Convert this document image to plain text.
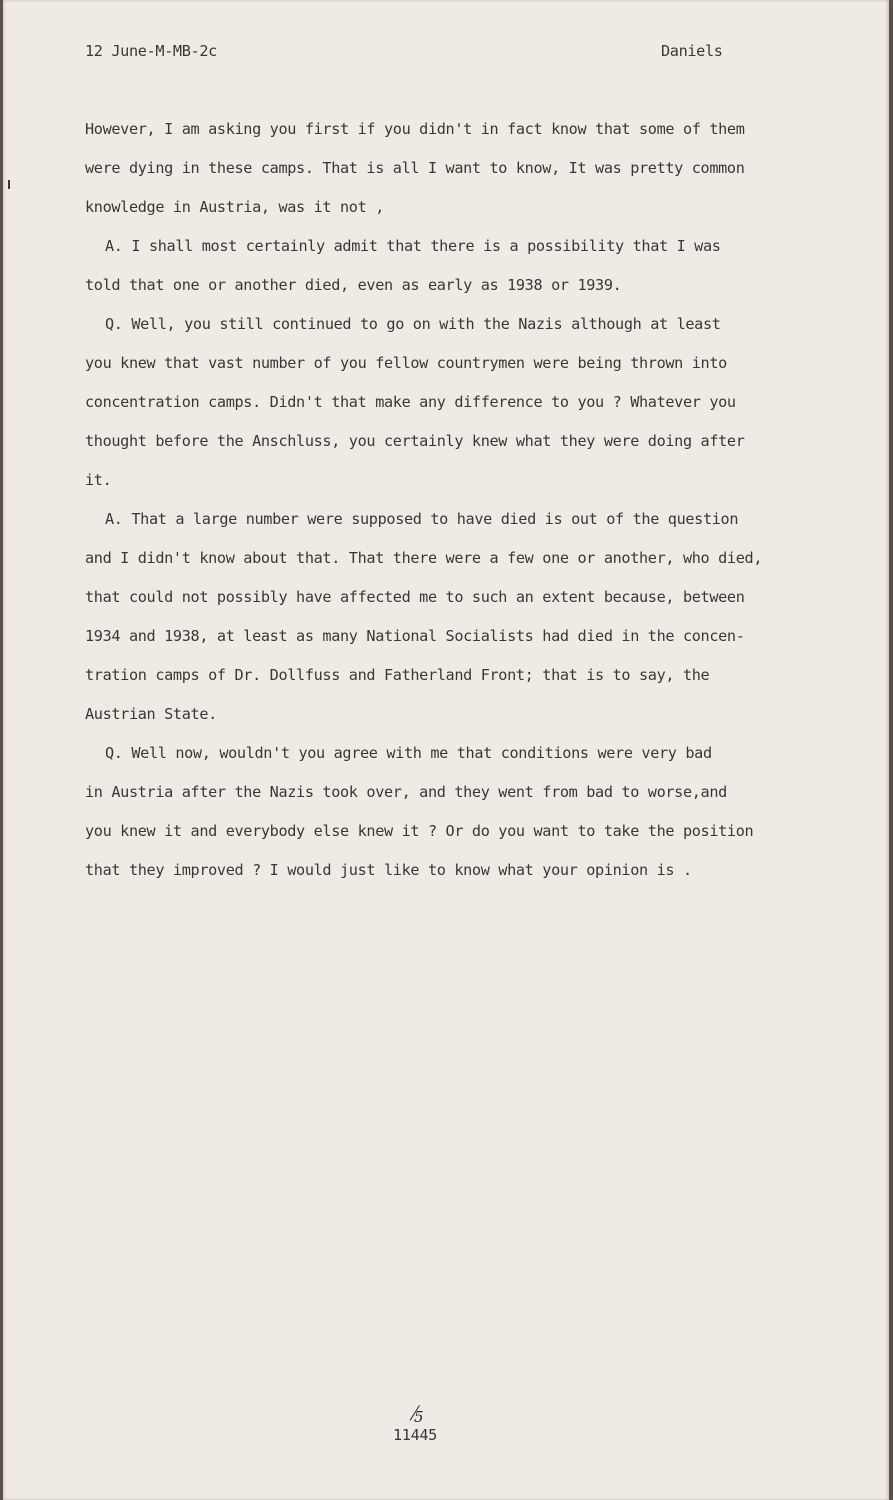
12 June-M-MB-2c	Daniels
However, I am asking you first if you didn't in fact know that some of them
were dying in these camps. That is all I want to know, It was pretty common
knowledge in Austria, was it not ,
A. I shall most certainly admit that there is a possibility that I was
told that one or another died, even as early as 1938 or 1939.
Q. Well, you still continued to go on with the Nazis although at least
you knew that vast number of you fellow countrymen were being thrown into
concentration camps. Didn't that make any difference to you ? Whatever you
thought before the Anschluss, you certainly knew what they were doing after
it.
A. That a large number were supposed to have died is out of the question
and I didn't know about that. That there were a few one or another, who died,
that could not possibly have affected me to such an extent because, between
1934 and 1938, at least as many National Socialists had died in the concen-
tration camps of Dr. Dollfuss and Fatherland Front; that is to say, the
Austrian State.
Q. Well now, wouldn't you agree with me that conditions were very bad
in Austria after the Nazis took over, and they went from bad to worse,and
you knew it and everybody else knew it ? Or do you want to take the position
that they improved ? I would just like to know what your opinion is .
5
11445
